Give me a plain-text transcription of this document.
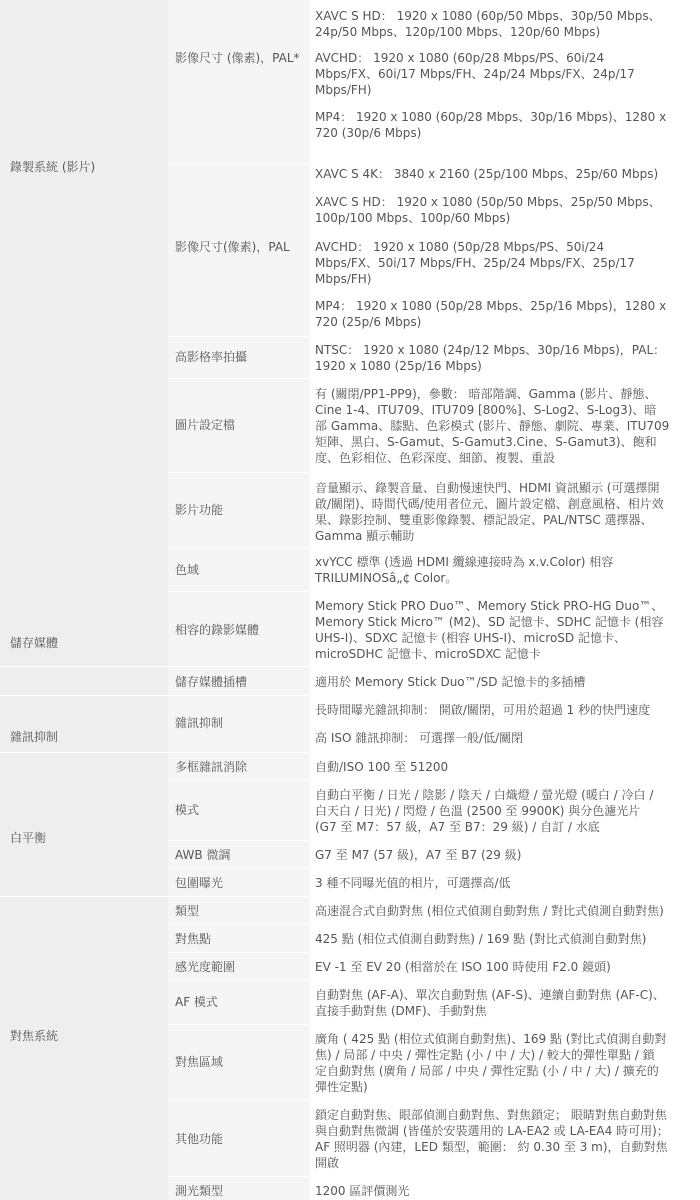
錄製系統 (影片)
儲存媒體
雜訊抑制
白平衡
對焦系統
影像尺寸 (像素)，PAL*
影像尺寸(像素)，PAL
高影格率拍攝
圖片設定檔
影片功能
色域
相容的錄影媒體
儲存媒體插槽
雜訊抑制
多框雜訊消除
模式
AWB 微調
包圍曝光
類型
對焦點
感光度範圍
AF 模式
對焦區域
其他功能
測光類型
XAVC S HD： 1920 x 1080 (60p/50 Mbps、30p/50 Mbps、
24p/50 Mbps、120p/100 Mbps、120p/60 Mbps)
AVCHD： 1920 x 1080 (60p/28 Mbps/PS、60i/24
Mbps/FX、60i/17 Mbps/FH、24p/24 Mbps/FX、24p/17
Mbps/FH)
MP4： 1920 x 1080 (60p/28 Mbps、30p/16 Mbps)、1280 x
720 (30p/6 Mbps)
XAVC S 4K： 3840 x 2160 (25p/100 Mbps、25p/60 Mbps)
XAVC S HD： 1920 x 1080 (50p/50 Mbps、25p/50 Mbps、
100p/100 Mbps、100p/60 Mbps)
AVCHD： 1920 x 1080 (50p/28 Mbps/PS、50i/24
Mbps/FX、50i/17 Mbps/FH、25p/24 Mbps/FX、25p/17
Mbps/FH)
MP4： 1920 x 1080 (50p/28 Mbps、25p/16 Mbps)，1280 x
720 (25p/6 Mbps)
NTSC： 1920 x 1080 (24p/12 Mbps、30p/16 Mbps)，PAL：
1920 x 1080 (25p/16 Mbps)
有 (關閉/PP1-PP9)，參數： 暗部階調、Gamma (影片、靜態、
Cine 1-4、ITU709、ITU709 [800%]、S-Log2、S-Log3)、暗
部 Gamma、膝點、色彩模式 (影片、靜態、劇院、專業、ITU709
矩陣、黑白、S-Gamut、S-Gamut3.Cine、S-Gamut3)、飽和
度、色彩相位、色彩深度、細節、複製、重設
音量顯示、錄製音量、自動慢速快門、HDMI 資訊顯示 (可選擇開
啟/關閉)、時間代碼/使用者位元、圖片設定檔、創意風格、相片效
果、錄影控制、雙重影像錄製、標記設定、PAL/NTSC 選擇器、
Gamma 顯示輔助
xvYCC 標準 (透過 HDMI 纜線連接時為 x.v.Color) 相容
TRILUMINOSâ„¢ Color。
Memory Stick PRO Duo™、Memory Stick PRO-HG Duo™、
Memory Stick Micro™ (M2)、SD 記憶卡、SDHC 記憶卡 (相容
UHS-I)、SDXC 記憶卡 (相容 UHS-I)、microSD 記憶卡、
microSDHC 記憶卡、microSDXC 記憶卡
適用於 Memory Stick Duo™/SD 記憶卡的多插槽
長時間曝光雜訊抑制： 開啟/關閉，可用於超過 1 秒的快門速度
高 ISO 雜訊抑制： 可選擇一般/低/關閉
自動/ISO 100 至 51200
自動白平衡 / 日光 / 陰影 / 陰天 / 白熾燈 / 螢光燈 (暖白 / 冷白 /
白天白 / 日光) / 閃燈 / 色溫 (2500 至 9900K) 與分色濾光片
(G7 至 M7：57 級，A7 至 B7：29 級) / 自訂 / 水底
G7 至 M7 (57 級)，A7 至 B7 (29 級)
3 種不同曝光值的相片，可選擇高/低
高速混合式自動對焦 (相位式偵測自動對焦 / 對比式偵測自動對焦)
425 點 (相位式偵測自動對焦) / 169 點 (對比式偵測自動對焦)
EV -1 至 EV 20 (相當於在 ISO 100 時使用 F2.0 鏡頭)
自動對焦 (AF-A)、單次自動對焦 (AF-S)、連續自動對焦 (AF-C)、
直接手動對焦 (DMF)、手動對焦
廣角 ( 425 點 (相位式偵測自動對焦)、169 點 (對比式偵測自動對
焦) / 局部 / 中央 / 彈性定點 (小 / 中 / 大) / 較大的彈性單點 / 鎖
定自動對焦 (廣角 / 局部 / 中央 / 彈性定點 (小 / 中 / 大) / 擴充的
彈性定點)
鎖定自動對焦、眼部偵測自動對焦、對焦鎖定； 眼睛對焦自動對焦
與自動對焦微調 (皆僅於安裝選用的 LA-EA2 或 LA-EA4 時可用)；
AF 照明器 (內建，LED 類型，範圍： 約 0.30 至 3 m)，自動對焦
開啟
1200 區評價測光
